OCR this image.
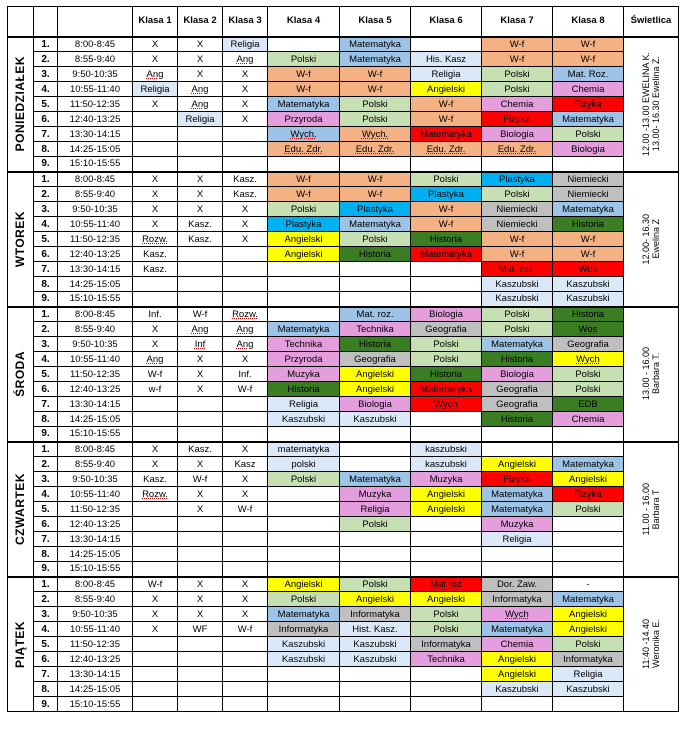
			Klasa 1	Klasa 2	Klasa 3	Klasa 4	Klasa 5	Klasa 6	Klasa 7	Klasa 8	Świetlica

PONIEDZIAŁEK	1.	8:00-8:45	X	X	Religia		Matematyka		W-f	W-f	12.00 -13.00 EWELINA K.
13.00- 16.30 Ewelina Z.

	2.	8:55-9:40	X	X	Ang	Polski	Matematyka	His. Kasz	W-f	W-f	
	3.	9:50-10:35	Ang	X	X	W-f	W-f	Religia	Polski	Mat. Roz.	
	4.	10:55-11:40	Religia	Ang	X	W-f	W-f	Angielski	Polski	Chemia	
	5.	11:50-12:35	X	Ang	X	Matematyka	Polski	W-f	Chemia	Fizyka	
	6.	12:40-13:25		Religia	X	Przyroda	Polski	W-f	Fizyka	Matematyka	
	7.	13:30-14:15				Wych.	Wych.	Matematyka	Biologia	Polski	
	8.	14:25-15:05				Edu. Zdr.	Edu. Zdr.	Edu. Zdr.	Edu. Zdr.	Biologia	
	9.	15:10-15:55									

WTOREK	1.	8:00-8:45	X	X	Kasz.	W-f	W-f	Polski	Plastyka	Niemiecki	12.00- 16.30
Ewelina Z

	2.	8:55-9:40	X	X	Kasz.	W-f	W-f	Plastyka	Polski	Niemiecki	
	3.	9:50-10:35	X	X	X	Polski	Plastyka	W-f	Niemiecki	Matematyka	
	4.	10:55-11:40	X	Kasz.	X	Plastyka	Matematyka	W-f	Niemiecki	Historia	
	5.	11:50-12:35	Rozw.	Kasz.	X	Angielski	Polski	Historia	W-f	W-f	
	6.	12:40-13:25	Kasz.			Angielski	Historia	Matematyka	W-f	W-f	
	7.	13:30-14:15	Kasz.						Mat. roz.	Wos	
	8.	14:25-15:05							Kaszubski	Kaszubski	
	9.	15:10-15:55							Kaszubski	Kaszubski	

ŚRODA	1.	8:00-8:45	Inf.	W-f	Rozw.		Mat. roz.	Biologia	Polski	Historia	13.00 - 16.00
Barbara T.

	2.	8:55-9:40	X	Ang	Ang	Matematyka	Technika	Geografia	Polski	Wos	
	3.	9:50-10:35	X	Inf	Ang	Technika	Historia	Polski	Matematyka	Geografia	
	4.	10:55-11:40	Ang	X	X	Przyroda	Geografia	Polski	Historia	Wych	
	5.	11:50-12:35	W-f	X	Inf.	Muzyka	Angielski	Historia	Biologia	Polski	
	6.	12:40-13:25	w-f	X	W-f	Historia	Angielski	Matematyka	Geografia	Polski	
	7.	13:30-14:15				Religia	Biologia	Wych	Geografia	EDB	
	8.	14:25-15:05				Kaszubski	Kaszubski		Historia	Chemia	
	9.	15:10-15:55									

CZWARTEK	1.	8:00-8:45	X	Kasz.	X	matematyka		kaszubski			11.00 - 16.00
Barbara T

	2.	8:55-9:40	X	X	Kasz	polski		kaszubski	Angielski	Matematyka	
	3.	9:50-10:35	Kasz.	W-f	X	Polski	Matematyka	Muzyka	Fizyka	Angielski	
	4.	10:55-11:40	Rozw.	X	X		Muzyka	Angielski	Matematyka	Fizyka	
	5.	11:50-12:35		X	W-f		Religia	Angielski	Matematyka	Polski	
	6.	12:40-13:25					Polski		Muzyka		
	7.	13:30-14:15							Religia		
	8.	14:25-15:05									
	9.	15:10-15:55									

PIĄTEK	1.	8:00-8:45	W-f	X	X	Angielski	Polski	Mat roz	Dor. Zaw.	-	11:40 -14.40
Weronika E.

	2.	8:55-9:40	X	X	X	Polski	Angielski	Angielski	Informatyka	Matematyka	
	3.	9:50-10:35	X	X	X	Matematyka	Informatyka	Polski	Wych	Angielski	
	4.	10:55-11:40	X	WF	W-f	Informatyka	Hist. Kasz.	Polski	Matematyka	Angielski	
	5.	11:50-12:35				Kaszubski	Kaszubski	Informatyka	Chemia	Polski	
	6.	12:40-13:25				Kaszubski	Kaszubski	Technika	Angielski	Informatyka	
	7.	13:30-14:15							Angielski	Religia	
	8.	14:25-15:05							Kaszubski	Kaszubski	
	9.	15:10-15:55									
